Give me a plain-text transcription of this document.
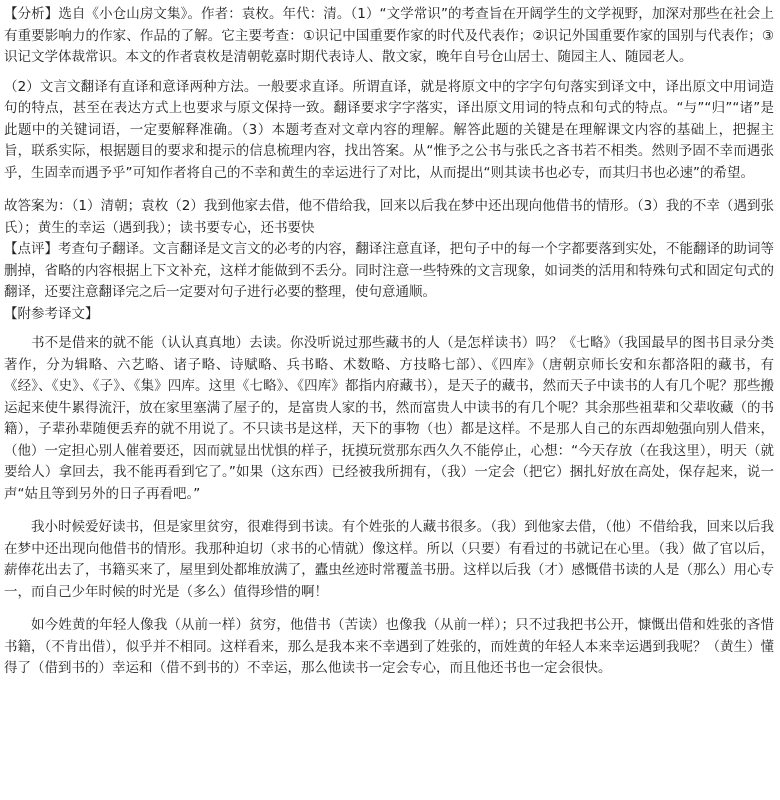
【分析】选自《小仓山房文集》。作者：袁枚。年代：清。（1）“文学常识”的考查旨在开阔学生的文学视野，加深对那些在社会上有重要影响力的作家、作品的了解。它主要考查：①识记中国重要作家的时代及代表作；②识记外国重要作家的国别与代表作；③识记文学体裁常识。本文的作者袁枚是清朝乾嘉时期代表诗人、散文家，晚年自号仓山居士、随园主人、随园老人。

（2）文言文翻译有直译和意译两种方法。一般要求直译。所谓直译，就是将原文中的字字句句落实到译文中，译出原文中用词造句的特点，甚至在表达方式上也要求与原文保持一致。翻译要求字字落实，译出原文用词的特点和句式的特点。“与”“归”“诸”是此题中的关键词语，一定要解释准确。（3）本题考查对文章内容的理解。解答此题的关键是在理解课文内容的基础上，把握主旨，联系实际，根据题目的要求和提示的信息梳理内容，找出答案。从“惟予之公书与张氏之吝书若不相类。然则予固不幸而遇张乎，生固幸而遇予乎”可知作者将自己的不幸和黄生的幸运进行了对比，从而提出“则其读书也必专，而其归书也必速”的希望。

故答案为：（1）清朝；袁枚（2）我到他家去借，他不借给我，回来以后我在梦中还出现向他借书的情形。（3）我的不幸（遇到张氏）；黄生的幸运（遇到我）；读书要专心，还书要快

【点评】考查句子翻译。文言翻译是文言文的必考的内容，翻译注意直译，把句子中的每一个字都要落到实处，不能翻译的助词等删掉，省略的内容根据上下文补充，这样才能做到不丢分。同时注意一些特殊的文言现象，如词类的活用和特殊句式和固定句式的翻译，还要注意翻译完之后一定要对句子进行必要的整理，使句意通顺。

【附参考译文】

书不是借来的就不能（认认真真地）去读。你没听说过那些藏书的人（是怎样读书）吗？《七略》（我国最早的图书目录分类著作，分为辑略、六艺略、诸子略、诗赋略、兵书略、术数略、方技略七部）、《四库》（唐朝京师长安和东都洛阳的藏书，有《经》、《史》、《子》、《集》四库。这里《七略》、《四库》都指内府藏书），是天子的藏书，然而天子中读书的人有几个呢？那些搬运起来使牛累得流汗，放在家里塞满了屋子的，是富贵人家的书，然而富贵人中读书的有几个呢？其余那些祖辈和父辈收藏（的书籍），子辈孙辈随便丢弃的就不用说了。不只读书是这样，天下的事物（也）都是这样。不是那人自己的东西却勉强向别人借来，（他）一定担心别人催着要还，因而就显出忧惧的样子，抚摸玩赏那东西久久不能停止，心想：“今天存放（在我这里），明天（就要给人）拿回去，我不能再看到它了。”如果（这东西）已经被我所拥有，（我）一定会（把它）捆扎好放在高处，保存起来，说一声“姑且等到另外的日子再看吧。”

我小时候爱好读书，但是家里贫穷，很难得到书读。有个姓张的人藏书很多。（我）到他家去借，（他）不借给我，回来以后我在梦中还出现向他借书的情形。我那种迫切（求书的心情就）像这样。所以（只要）有看过的书就记在心里。（我）做了官以后，薪俸花出去了，书籍买来了，屋里到处都堆放满了，蠹虫丝迹时常覆盖书册。这样以后我（才）感慨借书读的人是（那么）用心专一，而自己少年时候的时光是（多么）值得珍惜的啊！

如今姓黄的年轻人像我（从前一样）贫穷，他借书（苦读）也像我（从前一样）；只不过我把书公开，慷慨出借和姓张的吝惜书籍，（不肯出借），似乎并不相同。这样看来，那么是我本来不幸遇到了姓张的，而姓黄的年轻人本来幸运遇到我呢？（黄生）懂得了（借到书的）幸运和（借不到书的）不幸运，那么他读书一定会专心，而且他还书也一定会很快。
